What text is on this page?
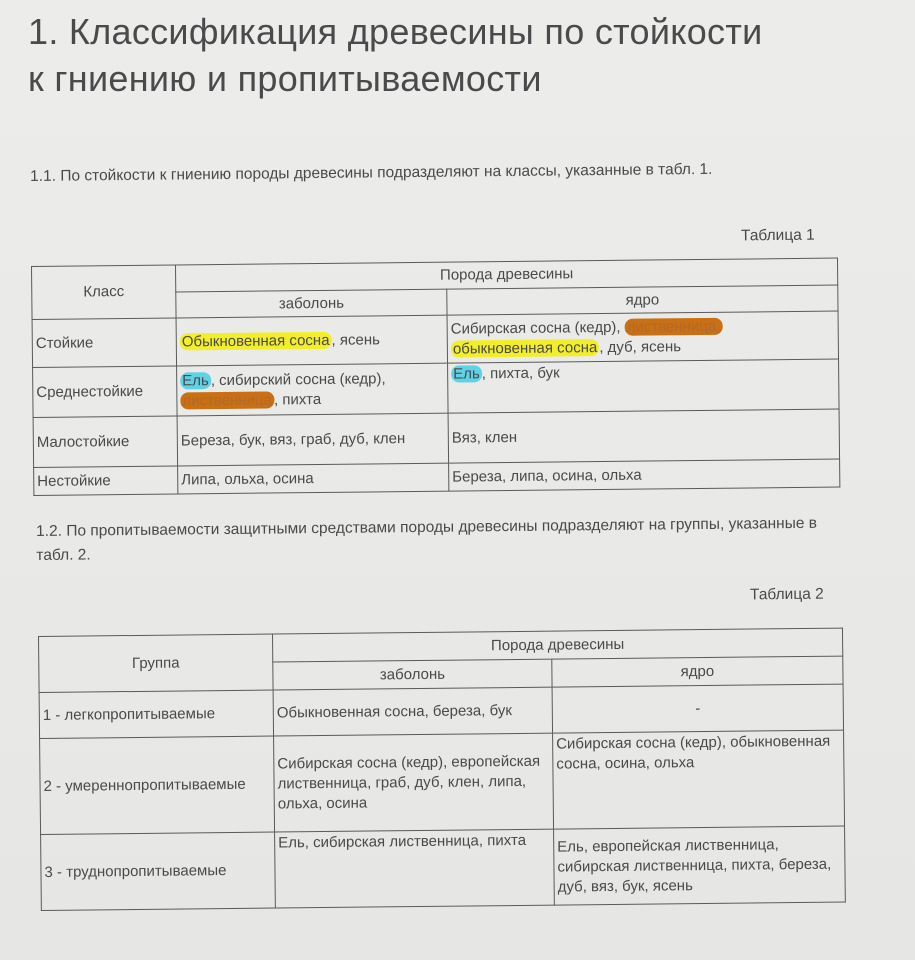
1. Классификация древесины по стойкости к гниению и пропитываемости

1.1. По стойкости к гниению породы древесины подразделяют на классы, указанные в табл. 1.

Таблица 1
Класс	Порода древесины	
	заболонь	ядро
Стойкие	Обыкновенная сосна , ясень	Сибирская сосна (кедр), лиственница,
обыкновенная сосна , дуб, ясень
Среднестойкие	Ель , сибирский сосна (кедр),
лиственница , пихта	Ель , пихта, бук
Малостойкие	Береза, бук, вяз, граб, дуб, клен	Вяз, клен
Нестойкие	Липа, ольха, осина	Береза, липа, осина, ольха

1.2. По пропитываемости защитными средствами породы древесины подразделяют на группы, указанные в табл. 2.

Таблица 2
Группа	Порода древесины	
	заболонь	ядро
1 - легкопропитываемые	Обыкновенная сосна, береза, бук	-
2 - умереннопропитываемые	Сибирская сосна (кедр), европейская лиственница, граб, дуб, клен, липа, ольха, осина	Сибирская сосна (кедр), обыкновенная сосна, осина, ольха
3 - труднопропитываемые	Ель, сибирская лиственница, пихта	Ель, европейская лиственница, сибирская лиственница, пихта, береза, дуб, вяз, бук, ясень
